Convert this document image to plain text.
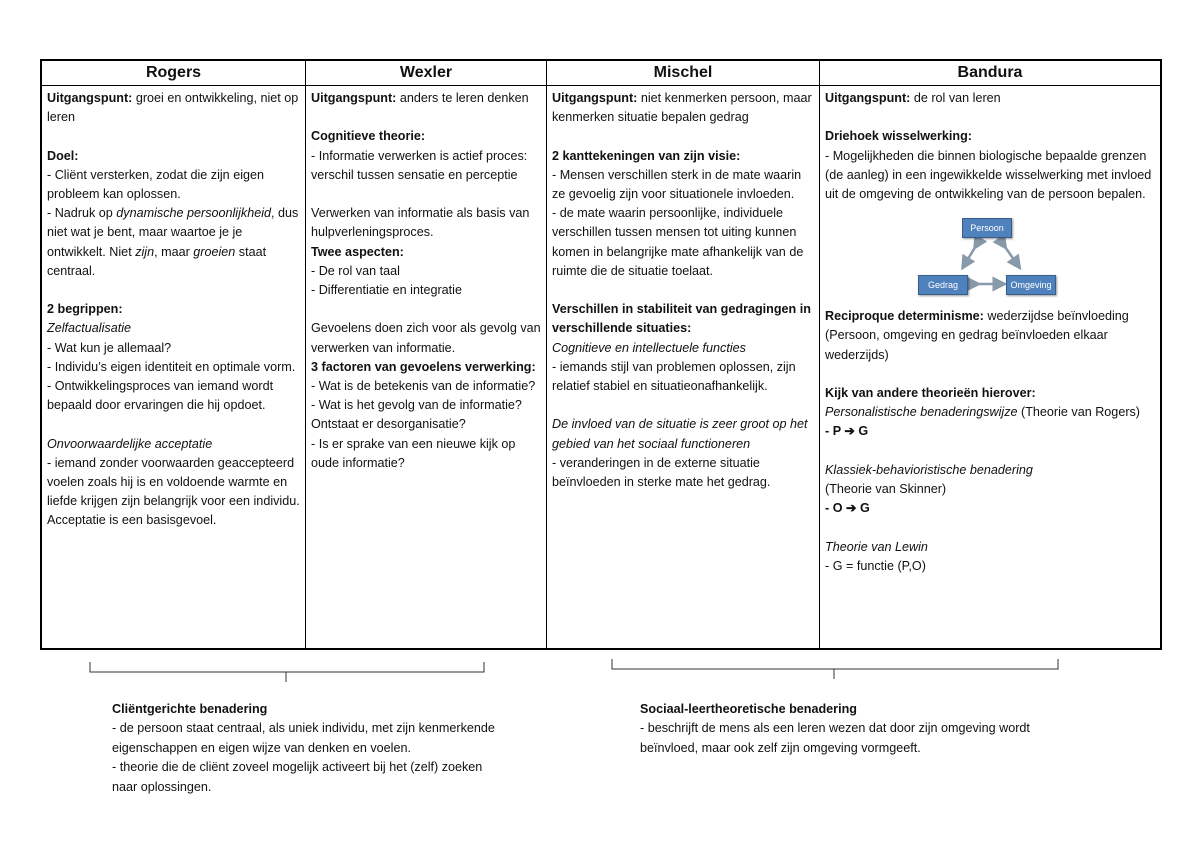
Rogers

Uitgangspunt: groei en ontwikkeling, niet op leren

Doel:

- Cliënt versterken, zodat die zijn eigen probleem kan oplossen.

- Nadruk op dynamische persoonlijkheid, dus niet wat je bent, maar waartoe je je ontwikkelt. Niet zijn, maar groeien staat centraal.

2 begrippen:

Zelfactualisatie

- Wat kun je allemaal?

- Individu’s eigen identiteit en optimale vorm.

- Ontwikkelingsproces van iemand wordt bepaald door ervaringen die hij opdoet.

Onvoorwaardelijke acceptatie

- iemand zonder voorwaarden geaccepteerd voelen zoals hij is en voldoende warmte en liefde krijgen zijn belangrijk voor een individu. Acceptatie is een basisgevoel.

Wexler

Uitgangspunt: anders te leren denken

Cognitieve theorie:

- Informatie verwerken is actief proces: verschil tussen sensatie en perceptie

Verwerken van informatie als basis van hulpverleningsproces.

Twee aspecten:

- De rol van taal

- Differentiatie en integratie

Gevoelens doen zich voor als gevolg van verwerken van informatie.

3 factoren van gevoelens verwerking:

- Wat is de betekenis van de informatie?

- Wat is het gevolg van de informatie? Ontstaat er desorganisatie?

- Is er sprake van een nieuwe kijk op oude informatie?

Mischel

Uitgangspunt: niet kenmerken persoon, maar kenmerken situatie bepalen gedrag

2 kanttekeningen van zijn visie:

- Mensen verschillen sterk in de mate waarin ze gevoelig zijn voor situationele invloeden.

- de mate waarin persoonlijke, individuele verschillen tussen mensen tot uiting kunnen komen in belangrijke mate afhankelijk van de ruimte die de situatie toelaat.

Verschillen in stabiliteit van gedragingen in verschillende situaties:

Cognitieve en intellectuele functies

- iemands stijl van problemen oplossen, zijn relatief stabiel en situatieonafhankelijk.

De invloed van de situatie is zeer groot op het gebied van het sociaal functioneren

- veranderingen in de externe situatie beïnvloeden in sterke mate het gedrag.

Bandura

Uitgangspunt: de rol van leren

Driehoek wisselwerking:

- Mogelijkheden die binnen biologische bepaalde grenzen (de aanleg) in een ingewikkelde wisselwerking met invloed uit de omgeving de ontwikkeling van de persoon bepalen.

Persoon
Gedrag	Omgeving

Reciproque determinisme: wederzijdse beïnvloeding

(Persoon, omgeving en gedrag beïnvloeden elkaar wederzijds)

Kijk van andere theorieën hierover:

Personalistische benaderingswijze (Theorie van Rogers)

- P ➔ G

Klassiek-behavioristische benadering

(Theorie van Skinner)

- O ➔ G

Theorie van Lewin

- G = functie (P,O)

Cliëntgerichte benadering

- de persoon staat centraal, als uniek individu, met zijn kenmerkende eigenschappen en eigen wijze van denken en voelen.

- theorie die de cliënt zoveel mogelijk activeert bij het (zelf) zoeken naar oplossingen.

Sociaal-leertheoretische benadering

- beschrijft de mens als een leren wezen dat door zijn omgeving wordt beïnvloed, maar ook zelf zijn omgeving vormgeeft.
